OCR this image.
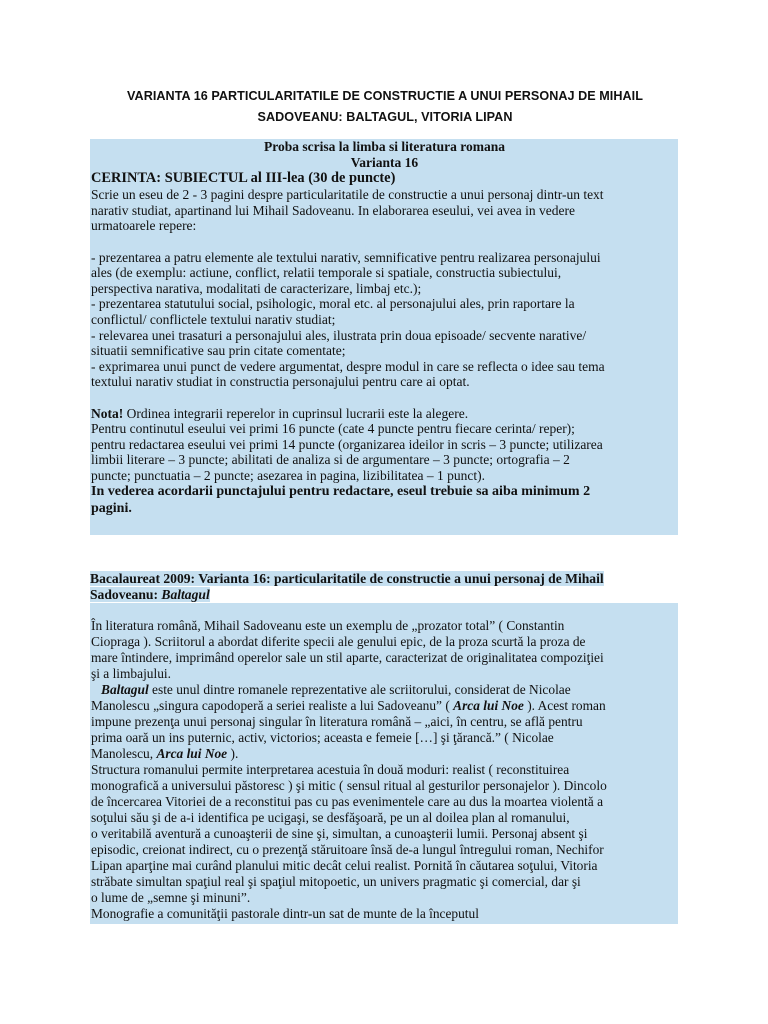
VARIANTA 16 PARTICULARITATILE DE CONSTRUCTIE A UNUI PERSONAJ DE MIHAIL
SADOVEANU: BALTAGUL, VITORIA LIPAN
Proba scrisa la limba si literatura romana
Varianta 16
CERINTA: SUBIECTUL al III-lea (30 de puncte)
Scrie un eseu de 2 - 3 pagini despre particularitatile de constructie a unui personaj dintr-un text
narativ studiat, apartinand lui Mihail Sadoveanu. In elaborarea eseului, vei avea in vedere
urmatoarele repere:
- prezentarea a patru elemente ale textului narativ, semnificative pentru realizarea personajului
ales (de exemplu: actiune, conflict, relatii temporale si spatiale, constructia subiectului,
perspectiva narativa, modalitati de caracterizare, limbaj etc.);
- prezentarea statutului social, psihologic, moral etc. al personajului ales, prin raportare la
conflictul/ conflictele textului narativ studiat;
- relevarea unei trasaturi a personajului ales, ilustrata prin doua episoade/ secvente narative/
situatii semnificative sau prin citate comentate;
- exprimarea unui punct de vedere argumentat, despre modul in care se reflecta o idee sau tema
textului narativ studiat in constructia personajului pentru care ai optat.
Nota! Ordinea integrarii reperelor in cuprinsul lucrarii este la alegere.
Pentru continutul eseului vei primi 16 puncte (cate 4 puncte pentru fiecare cerinta/ reper);
pentru redactarea eseului vei primi 14 puncte (organizarea ideilor in scris – 3 puncte; utilizarea
limbii literare – 3 puncte; abilitati de analiza si de argumentare – 3 puncte; ortografia – 2
puncte; punctuatia – 2 puncte; asezarea in pagina, lizibilitatea – 1 punct).
In vederea acordarii punctajului pentru redactare, eseul trebuie sa aiba minimum 2
pagini.
Bacalaureat 2009: Varianta 16: particularitatile de constructie a unui personaj de Mihail
Sadoveanu: Baltagul
În literatura română, Mihail Sadoveanu este un exemplu de „prozator total” ( Constantin
Ciopraga ). Scriitorul a abordat diferite specii ale genului epic, de la proza scurtă la proza de
mare întindere, imprimând operelor sale un stil aparte, caracterizat de originalitatea compoziţiei
şi a limbajului.
Baltagul este unul dintre romanele reprezentative ale scriitorului, considerat de Nicolae
Manolescu „singura capodoperă a seriei realiste a lui Sadoveanu” ( Arca lui Noe ). Acest roman
impune prezenţa unui personaj singular în literatura română – „aici, în centru, se află pentru
prima oară un ins puternic, activ, victorios; aceasta e femeie […] şi ţărancă.” ( Nicolae
Manolescu, Arca lui Noe ).
Structura romanului permite interpretarea acestuia în două moduri: realist ( reconstituirea
monografică a universului păstoresc ) şi mitic ( sensul ritual al gesturilor personajelor ). Dincolo
de încercarea Vitoriei de a reconstitui pas cu pas evenimentele care au dus la moartea violentă a
soţului său şi de a-i identifica pe ucigaşi, se desfăşoară, pe un al doilea plan al romanului,
o veritabilă aventură a cunoaşterii de sine şi, simultan, a cunoaşterii lumii. Personaj absent şi
episodic, creionat indirect, cu o prezenţă stăruitoare însă de-a lungul întregului roman, Nechifor
Lipan aparţine mai curând planului mitic decât celui realist. Pornită în căutarea soţului, Vitoria
străbate simultan spaţiul real şi spaţiul mitopoetic, un univers pragmatic şi comercial, dar şi
o lume de „semne şi minuni”.
Monografie a comunităţii pastorale dintr-un sat de munte de la începutul
